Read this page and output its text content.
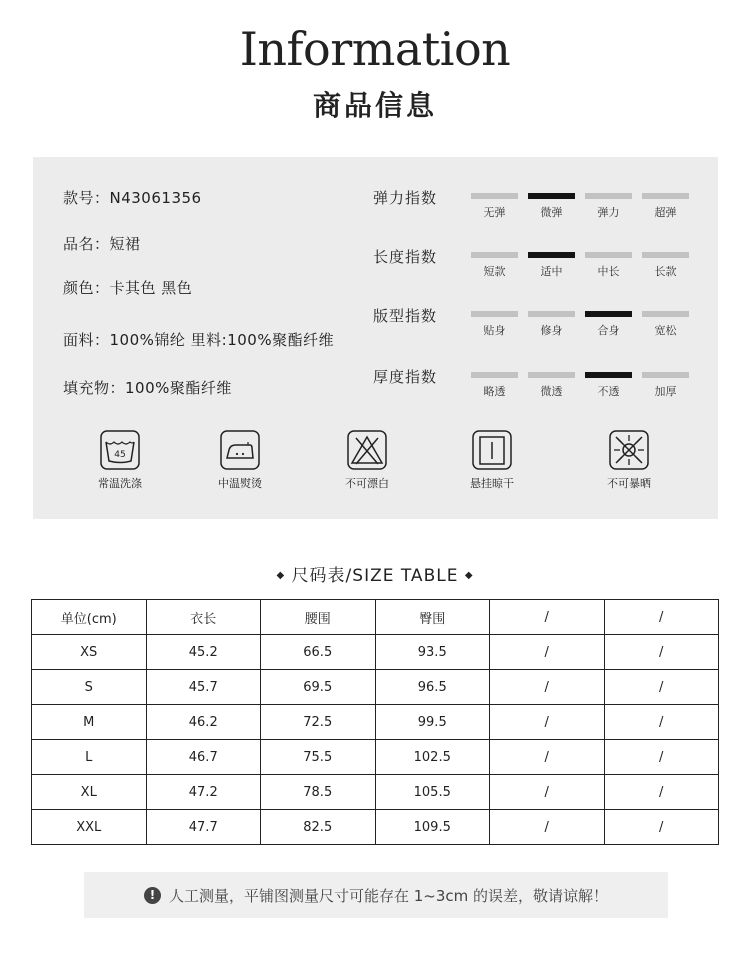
Information
商品信息
款号：N43061356
品名：短裙
颜色：卡其色 黑色
面料：100%锦纶 里料:100%聚酯纤维
填充物：100%聚酯纤维
弹力指数
无弹	微弹	弹力	超弹
长度指数
短款	适中	中长	长款
版型指数
贴身	修身	合身	宽松
厚度指数
略透	微透	不透	加厚
45
常温洗涤	中温熨烫	不可漂白	悬挂晾干	不可暴晒
◆ 尺码表/SIZE TABLE ◆
单位(cm)	衣长	腰围	臀围	/	/
XS	45.2	66.5	93.5	/	/
S	45.7	69.5	96.5	/	/
M	46.2	72.5	99.5	/	/
L	46.7	75.5	102.5	/	/
XL	47.2	78.5	105.5	/	/
XXL	47.7	82.5	109.5	/	/
! 人工测量，平铺图测量尺寸可能存在 1~3cm 的误差，敬请谅解！
